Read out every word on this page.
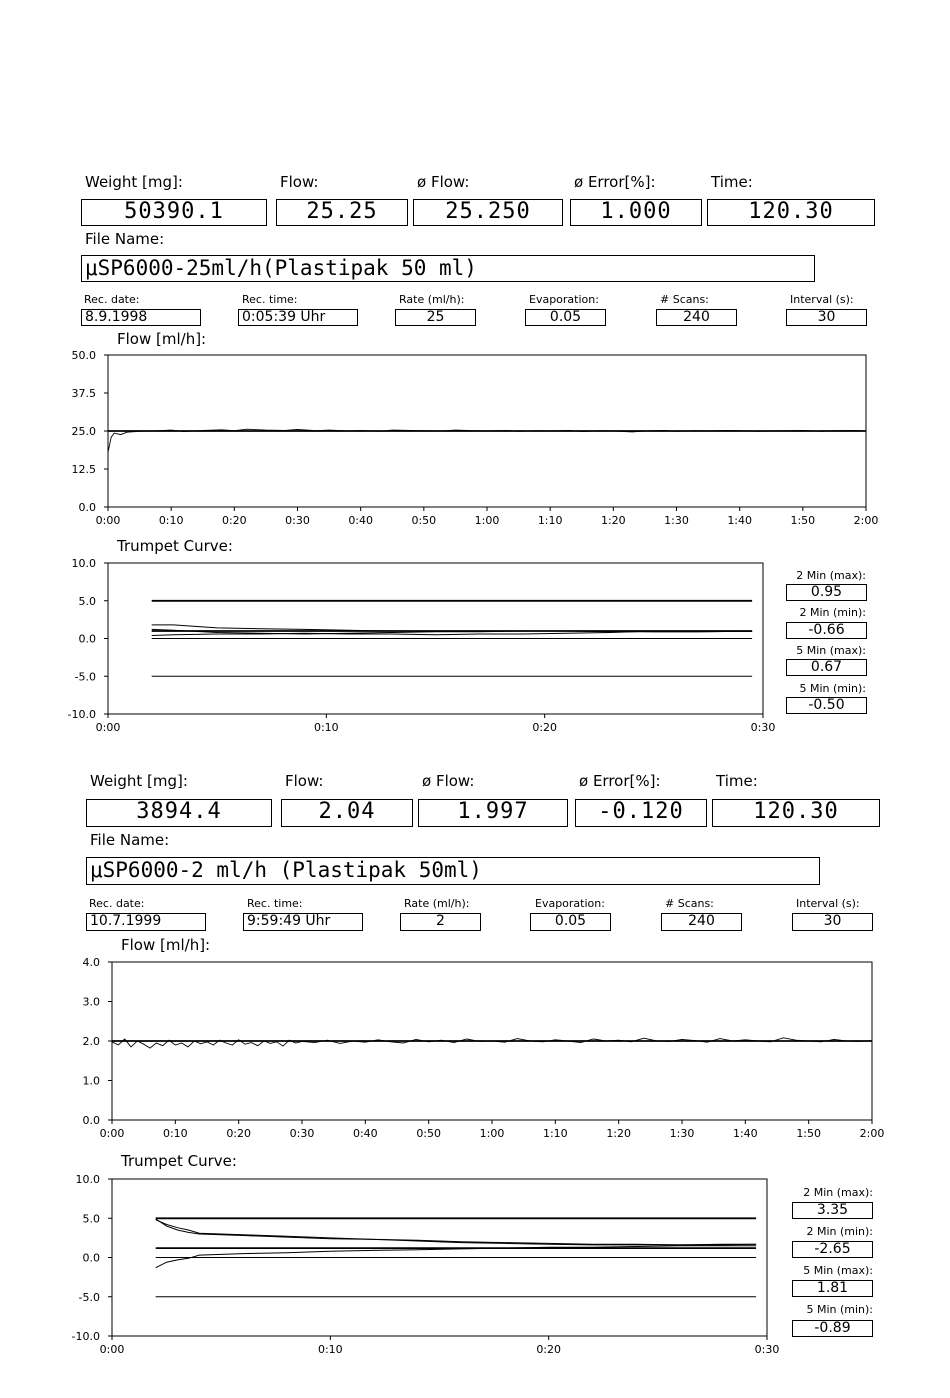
Weight [mg]:	Flow:	ø Flow:	ø Error[%]:	Time:
50390.1	25.25	25.250	1.000	120.30
File Name:
μSP6000-25ml/h(Plastipak 50 ml)
Rec. date:	Rec. time:	Rate (ml/h):	Evaporation:	# Scans:	Interval (s):
8.9.1998	0:05:39 Uhr	25	0.05	240	30
Flow [ml/h]:
50.0
37.5
25.0
12.5
0.0
0:00	0:10	0:20	0:30	0:40	0:50	1:00	1:10	1:20	1:30	1:40	1:50	2:00
Trumpet Curve:
10.0
5.0
0.0
-5.0
-10.0
0:00	0:10	0:20	0:30
2 Min (max):
0.95
2 Min (min):
-0.66
5 Min (max):
0.67
5 Min (min):
-0.50
Weight [mg]:	Flow:	ø Flow:	ø Error[%]:	Time:
3894.4	2.04	1.997	-0.120	120.30
File Name:
μSP6000-2 ml/h (Plastipak 50ml)
Rec. date:	Rec. time:	Rate (ml/h):	Evaporation:	# Scans:	Interval (s):
10.7.1999	9:59:49 Uhr	2	0.05	240	30
Flow [ml/h]:
4.0
3.0
2.0
1.0
0.0
0:00	0:10	0:20	0:30	0:40	0:50	1:00	1:10	1:20	1:30	1:40	1:50	2:00
Trumpet Curve:
10.0
5.0
0.0
-5.0
-10.0
0:00	0:10	0:20	0:30
2 Min (max):
3.35
2 Min (min):
-2.65
5 Min (max):
1.81
5 Min (min):
-0.89
